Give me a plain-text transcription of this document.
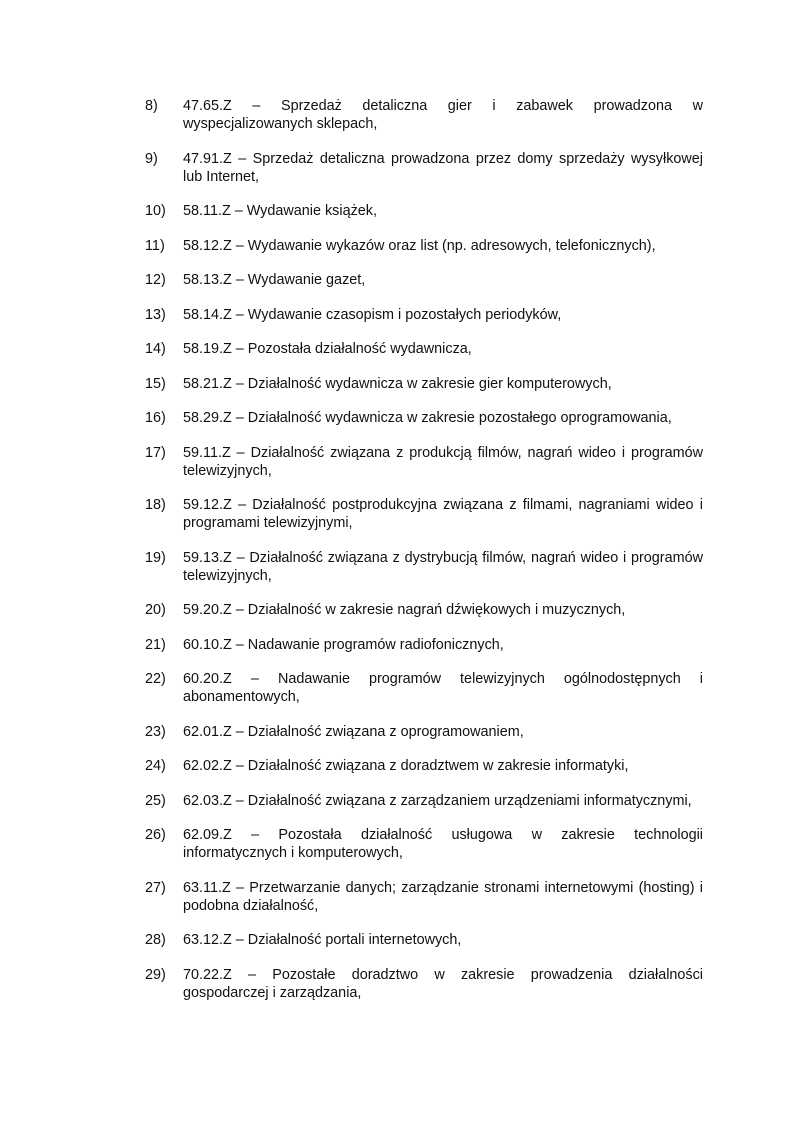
8)	47.65.Z – Sprzedaż detaliczna gier i zabawek prowadzona w wyspecjalizowanych sklepach,
9)	47.91.Z – Sprzedaż detaliczna prowadzona przez domy sprzedaży wysyłkowej lub Internet,
10)	58.11.Z – Wydawanie książek,
11)	58.12.Z – Wydawanie wykazów oraz list (np. adresowych, telefonicznych),
12)	58.13.Z – Wydawanie gazet,
13)	58.14.Z – Wydawanie czasopism i pozostałych periodyków,
14)	58.19.Z – Pozostała działalność wydawnicza,
15)	58.21.Z – Działalność wydawnicza w zakresie gier komputerowych,
16)	58.29.Z – Działalność wydawnicza w zakresie pozostałego oprogramowania,
17)	59.11.Z – Działalność związana z produkcją filmów, nagrań wideo i programów telewizyjnych,
18)	59.12.Z – Działalność postprodukcyjna związana z filmami, nagraniami wideo i programami telewizyjnymi,
19)	59.13.Z – Działalność związana z dystrybucją filmów, nagrań wideo i programów telewizyjnych,
20)	59.20.Z – Działalność w zakresie nagrań dźwiękowych i muzycznych,
21)	60.10.Z – Nadawanie programów radiofonicznych,
22)	60.20.Z – Nadawanie programów telewizyjnych ogólnodostępnych i abonamentowych,
23)	62.01.Z – Działalność związana z oprogramowaniem,
24)	62.02.Z – Działalność związana z doradztwem w zakresie informatyki,
25)	62.03.Z – Działalność związana z zarządzaniem urządzeniami informatycznymi,
26)	62.09.Z – Pozostała działalność usługowa w zakresie technologii informatycznych i komputerowych,
27)	63.11.Z – Przetwarzanie danych; zarządzanie stronami internetowymi (hosting) i podobna działalność,
28)	63.12.Z – Działalność portali internetowych,
29)	70.22.Z – Pozostałe doradztwo w zakresie prowadzenia działalności gospodarczej i zarządzania,
